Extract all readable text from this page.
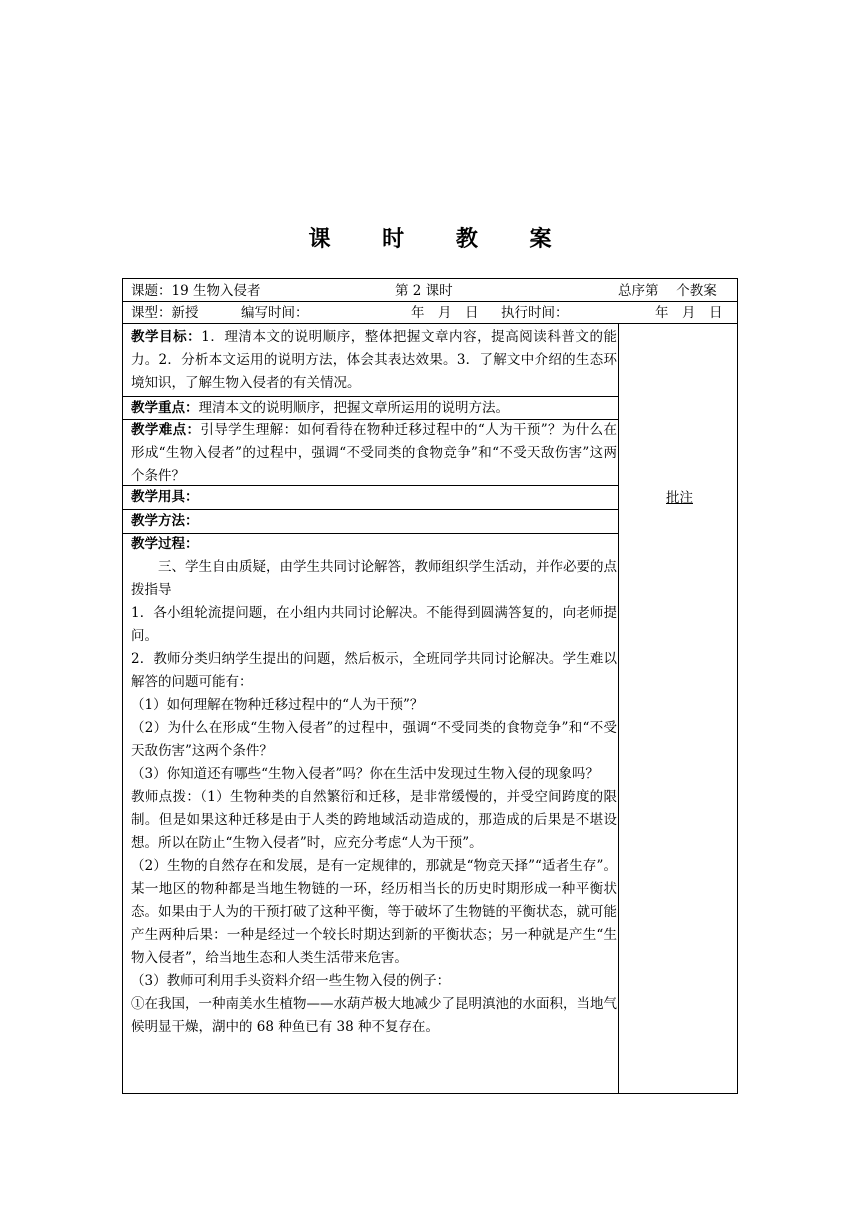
课 时 教 案
课题：19 生物入侵者	第 2 课时	总序第　 个教案
课型：新授	编写时间：	年　月　日 执行时间：	年　月　日

教学目标：1．理清本文的说明顺序，整体把握文章内容，提高阅读科普文的能力。2．分析本文运用的说明方法，体会其表达效果。3．了解文中介绍的生态环境知识，了解生物入侵者的有关情况。

教学重点：理清本文的说明顺序，把握文章所运用的说明方法。

教学难点：引导学生理解：如何看待在物种迁移过程中的“人为干预”？为什么在形成“生物入侵者”的过程中，强调“不受同类的食物竞争”和“不受天敌伤害”这两个条件？

教学用具：

教学方法：

教学过程：

三、学生自由质疑，由学生共同讨论解答，教师组织学生活动，并作必要的点拨指导

1．各小组轮流提问题，在小组内共同讨论解决。不能得到圆满答复的，向老师提问。

2．教师分类归纳学生提出的问题，然后板示，全班同学共同讨论解决。学生难以解答的问题可能有：

（1）如何理解在物种迁移过程中的“人为干预”？

（2）为什么在形成“生物入侵者”的过程中，强调“不受同类的食物竞争”和“不受天敌伤害”这两个条件？

（3）你知道还有哪些“生物入侵者”吗？你在生活中发现过生物入侵的现象吗？

教师点拨：（1）生物种类的自然繁衍和迁移，是非常缓慢的，并受空间跨度的限制。但是如果这种迁移是由于人类的跨地域活动造成的，那造成的后果是不堪设想。所以在防止“生物入侵者”时，应充分考虑“人为干预”。

（2）生物的自然存在和发展，是有一定规律的，那就是“物竞天择”“适者生存”。某一地区的物种都是当地生物链的一环，经历相当长的历史时期形成一种平衡状态。如果由于人为的干预打破了这种平衡，等于破坏了生物链的平衡状态，就可能产生两种后果：一种是经过一个较长时期达到新的平衡状态；另一种就是产生“生物入侵者”，给当地生态和人类生活带来危害。

（3）教师可利用手头资料介绍一些生物入侵的例子：

①在我国，一种南美水生植物——水葫芦极大地减少了昆明滇池的水面积，当地气候明显干燥，湖中的 68 种鱼已有 38 种不复存在。

批注
